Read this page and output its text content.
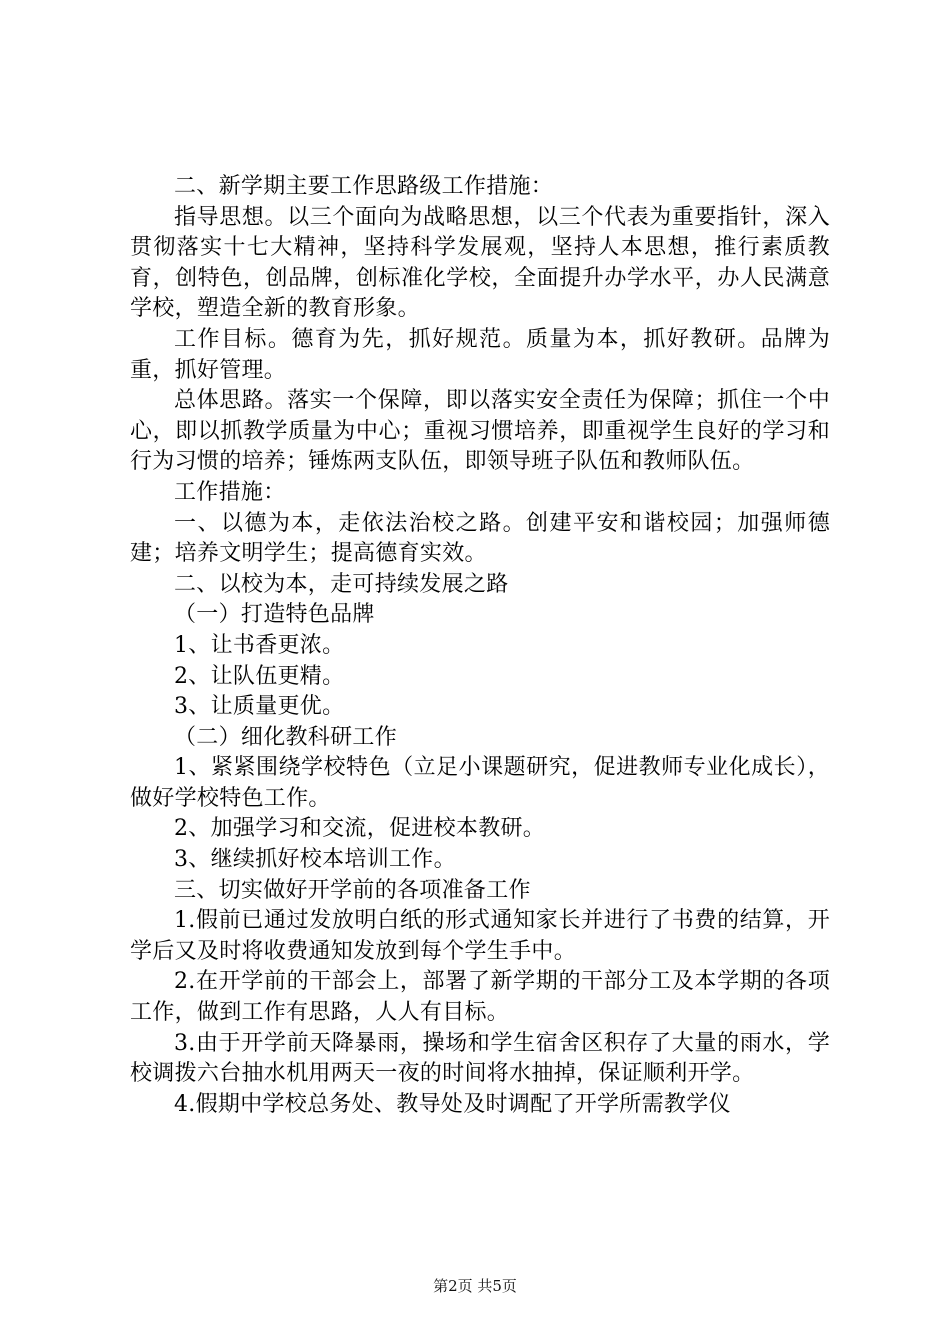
二、新学期主要工作思路级工作措施：

指导思想。以三个面向为战略思想，以三个代表为重要指针，深入贯彻落实十七大精神，坚持科学发展观，坚持人本思想，推行素质教育，创特色，创品牌，创标准化学校，全面提升办学水平，办人民满意学校，塑造全新的教育形象。

工作目标。德育为先，抓好规范。质量为本，抓好教研。品牌为重，抓好管理。

总体思路。落实一个保障，即以落实安全责任为保障；抓住一个中心，即以抓教学质量为中心；重视习惯培养，即重视学生良好的学习和行为习惯的培养；锤炼两支队伍，即领导班子队伍和教师队伍。

工作措施：

一、以德为本，走依法治校之路。创建平安和谐校园；加强师德建；培养文明学生；提高德育实效。

二、以校为本，走可持续发展之路

（一）打造特色品牌

1、让书香更浓。

2、让队伍更精。

3、让质量更优。

（二）细化教科研工作

1、紧紧围绕学校特色（立足小课题研究，促进教师专业化成长），做好学校特色工作。

2、加强学习和交流，促进校本教研。

3、继续抓好校本培训工作。

三、切实做好开学前的各项准备工作

1.假前已通过发放明白纸的形式通知家长并进行了书费的结算，开学后又及时将收费通知发放到每个学生手中。

2.在开学前的干部会上，部署了新学期的干部分工及本学期的各项工作，做到工作有思路，人人有目标。

3.由于开学前天降暴雨，操场和学生宿舍区积存了大量的雨水，学校调拨六台抽水机用两天一夜的时间将水抽掉，保证顺利开学。

4.假期中学校总务处、教导处及时调配了开学所需教学仪

第2页 共5页
